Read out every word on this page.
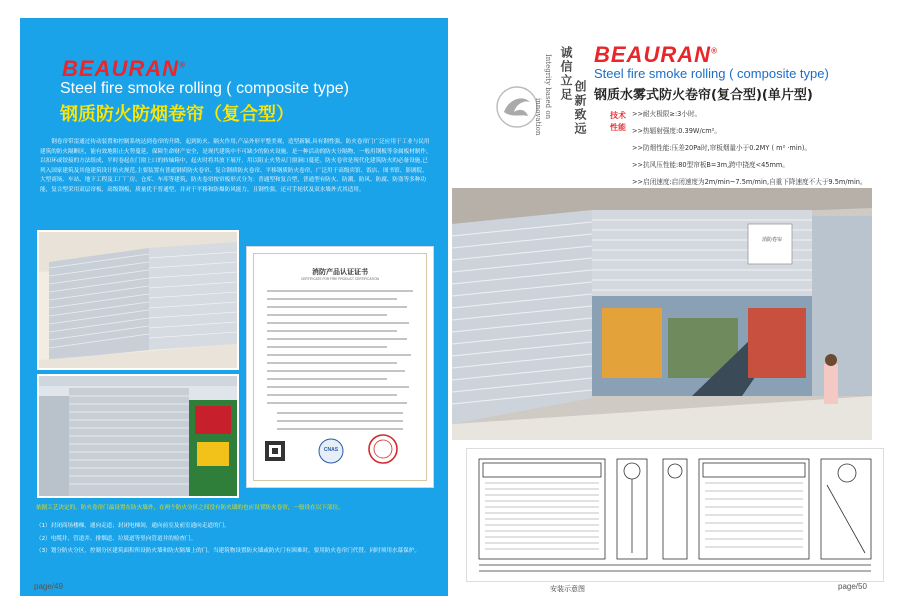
BEAURAN®
Steel fire smoke rolling ( composite type)
钢质防火防烟卷帘（复合型）
钢卷帘带雷通过传动装置和控制系统达到卷帘的升降，起到防火、隔火作用,产品外形平整美观、造型新颖,具有钢性强、防火卷帘门广泛应用于工业与民用建筑的防火隔断区，能有效地阻止火势蔓延，保障生命财产安全，是现代建筑中不可缺少的防火设施。是一种活动的防火分隔物，一般用钢板等金属板材制作，以扣环或铰接的方法组成，平时卷起在门窗上口的转轴箱中，起火时将其放下展开，用以阻止火势从门窗洞口蔓延。防火卷帘是现代化建筑防火的必备设施,已列入国家建筑及其他建筑设计防火规范,主要装置有普通钢质防火卷帘、复合钢质防火卷帘、平移钢质防火卷帘，广泛用于高级宾馆、饭店、图书馆、影剧院、大型商场、车站、地下工程及工厂厂房、仓库、车库等建筑，防火卷帘按帘板形式分为：普通型和复合型，普通型有防火、防潮、防风、防腐、防盗等多种功能，复合型采用双层帘板、高级钢板，质量优于普通型，并对于平移和防爆防风能力，且钢性强，还可手轮状及双水墙外式其适用。
消防产品认证证书
CERTIFICATE FOR FIRE PRODUCT CERTIFICATION
CNAS
依据工艺决定的，防火卷帘门最设置在防火墙外，在两个防火分区之间没有防火墙的也应设置防火卷帘，一般设在以下部位。
（1）封闭商场楼梯，通向走道；封闭电梯间，通向前室及前室通向走道的门。
（2）电缆井、管道井、排烟道、垃圾道等竖向管道井的检查门。
（3）划分防火分区，控制分区建筑面积所设防火墙和防火隔墙上的门。当建筑物设置防火墙或防火门有困难时，要用防火卷帘门代替，同时须用水幕保护。
page/49
诚信立足
创新致远
Integrity based on
innovation
BEAURAN®
Steel fire smoke rolling ( composite type)
钢质水雾式防火卷帘(复合型)(单片型)
技术性能
>>耐火极限≥:3小时。
>>热辐射强度:0.39W/cm²。
>>防烟性能:压差20Pa时,帘板烟量小于0.2MY ( m² ·min)。
>>抗风压性能:80型帘板B=3m,跨中挠度<45mm。
>>启闭速度:启闭速度为2m/min~7.5m/min,自重下降速度不大于9.5m/min。
消防卷帘
安装示意图	page/50
